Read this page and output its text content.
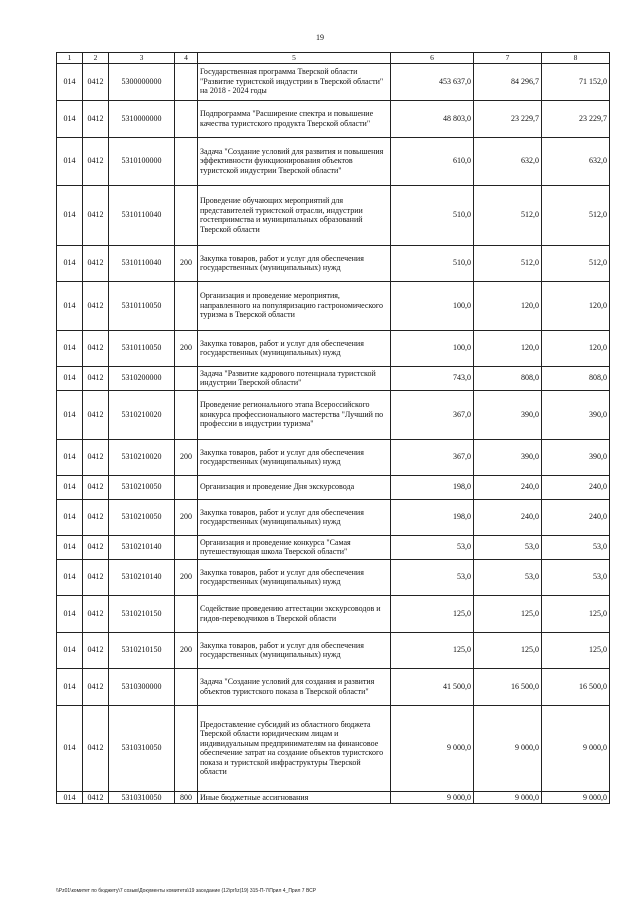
19
1	2	3	4	5	6	7	8
014	0412	5300000000		Государственная программа Тверской области "Развитие туристской индустрии в Тверской области" на 2018 - 2024 годы	453 637,0	84 296,7	71 152,0
014	0412	5310000000		Подпрограмма "Расширение спектра и повышение качества туристского продукта Тверской области"	48 803,0	23 229,7	23 229,7
014	0412	5310100000		Задача "Создание условий для развития и повышения эффективности функционирования объектов туристской индустрии Тверской области"	610,0	632,0	632,0
014	0412	5310110040		Проведение обучающих мероприятий для представителей туристской отрасли, индустрии гостеприимства и муниципальных образований Тверской области	510,0	512,0	512,0
014	0412	5310110040	200	Закупка товаров, работ и услуг для обеспечения государственных (муниципальных) нужд	510,0	512,0	512,0
014	0412	5310110050		Организация и проведение мероприятия, направленного на популяризацию гастрономического туризма в Тверской области	100,0	120,0	120,0
014	0412	5310110050	200	Закупка товаров, работ и услуг для обеспечения государственных (муниципальных) нужд	100,0	120,0	120,0
014	0412	5310200000		Задача "Развитие кадрового потенциала туристской индустрии Тверской области"	743,0	808,0	808,0
014	0412	5310210020		Проведение регионального этапа Всероссийского конкурса профессионального мастерства "Лучший по профессии в индустрии туризма"	367,0	390,0	390,0
014	0412	5310210020	200	Закупка товаров, работ и услуг для обеспечения государственных (муниципальных) нужд	367,0	390,0	390,0
014	0412	5310210050		Организация и проведение Дня экскурсовода	198,0	240,0	240,0
014	0412	5310210050	200	Закупка товаров, работ и услуг для обеспечения государственных (муниципальных) нужд	198,0	240,0	240,0
014	0412	5310210140		Организация и проведение конкурса "Самая путешествующая школа Тверской области"	53,0	53,0	53,0
014	0412	5310210140	200	Закупка товаров, работ и услуг для обеспечения государственных (муниципальных) нужд	53,0	53,0	53,0
014	0412	5310210150		Содействие проведению аттестации экскурсоводов и гидов-переводчиков в Тверской области	125,0	125,0	125,0
014	0412	5310210150	200	Закупка товаров, работ и услуг для обеспечения государственных (муниципальных) нужд	125,0	125,0	125,0
014	0412	5310300000		Задача "Создание условий для создания и развития объектов туристского показа в Тверской области"	41 500,0	16 500,0	16 500,0
014	0412	5310310050		Предоставление субсидий из областного бюджета Тверской области юридическим лицам и индивидуальным предпринимателям на финансовое обеспечение затрат на создание объектов туристского показа и туристской инфраструктуры Тверской области	9 000,0	9 000,0	9 000,0
014	0412	5310310050	800	Иные бюджетные ассигнования	9 000,0	9 000,0	9 000,0
\\Pz01\комитет по бюджету\7 созыв\Документы комитета\19 заседание (12\prl\z(19) 315-П-7\Прил 4_Прил 7 ВСР
